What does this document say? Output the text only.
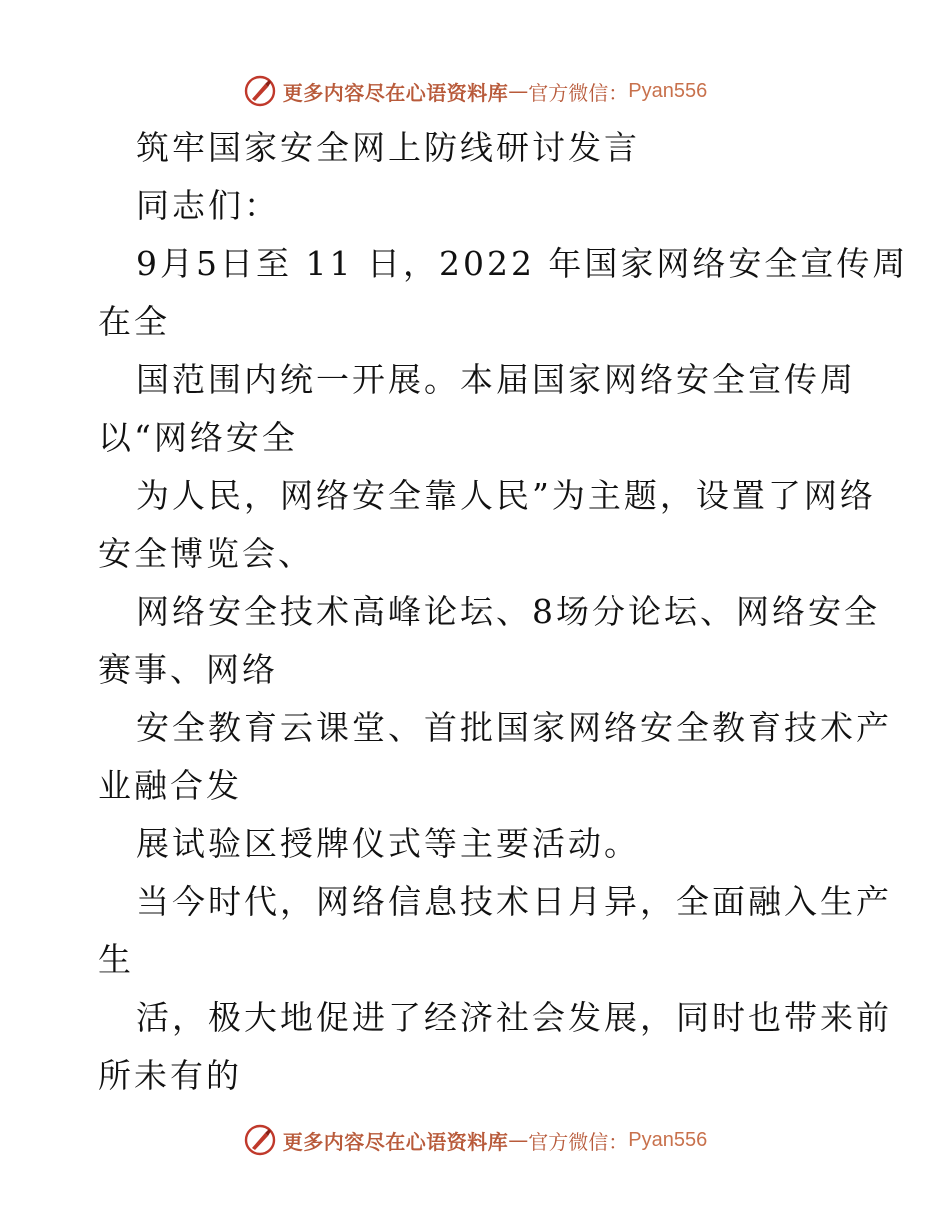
更多内容尽在心语资料库 — 官方微信： Pyan556
筑牢国家安全网上防线研讨发言
同志们：
9月5日至 11 日，2022 年国家网络安全宣传周
在全
国范围内统一开展。本届国家网络安全宣传周
以“网络安全
为人民，网络安全靠人民”为主题，设置了网络
安全博览会、
网络安全技术高峰论坛、8场分论坛、网络安全
赛事、网络
安全教育云课堂、首批国家网络安全教育技术产
业融合发
展试验区授牌仪式等主要活动。
当今时代，网络信息技术日月异，全面融入生产
生
活，极大地促进了经济社会发展，同时也带来前
所未有的
更多内容尽在心语资料库 — 官方微信： Pyan556
